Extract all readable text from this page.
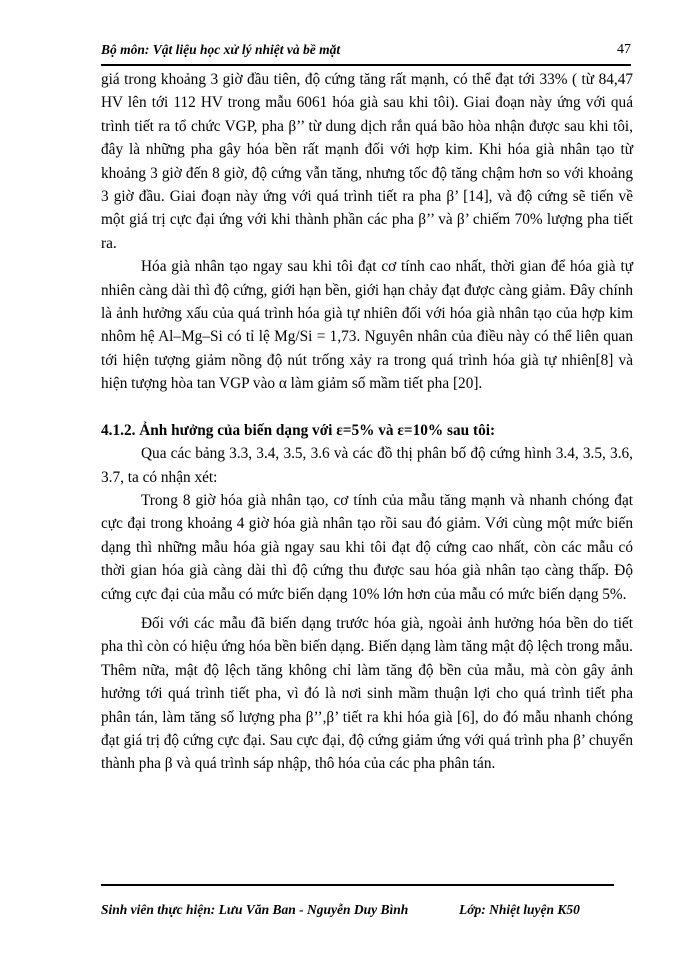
Bộ môn: Vật liệu học xử lý nhiệt và bề mặt	47

giá trong khoảng 3 giờ đầu tiên, độ cứng tăng rất mạnh, có thể đạt tới 33% ( từ 84,47 HV lên tới 112 HV trong mẫu 6061 hóa già sau khi tôi). Giai đoạn này ứng với quá trình tiết ra tổ chức VGP, pha β’’ từ dung dịch rắn quá bão hòa nhận được sau khi tôi, đây là những pha gây hóa bền rất mạnh đối với hợp kim. Khi hóa già nhân tạo từ khoảng 3 giờ đến 8 giờ, độ cứng vẫn tăng, nhưng tốc độ tăng chậm hơn so với khoảng 3 giờ đầu. Giai đoạn này ứng với quá trình tiết ra pha β’ [14], và độ cứng sẽ tiến về một giá trị cực đại ứng với khi thành phần các pha β’’ và β’ chiếm 70% lượng pha tiết ra.

Hóa già nhân tạo ngay sau khi tôi đạt cơ tính cao nhất, thời gian để hóa già tự nhiên càng dài thì độ cứng, giới hạn bền, giới hạn chảy đạt được càng giảm. Đây chính là ảnh hưởng xấu của quá trình hóa già tự nhiên đối với hóa già nhân tạo của hợp kim nhôm hệ Al–Mg–Si có tỉ lệ Mg/Si = 1,73. Nguyên nhân của điều này có thể liên quan tới hiện tượng giảm nồng độ nút trống xảy ra trong quá trình hóa già tự nhiên[8] và hiện tượng hòa tan VGP vào α làm giảm số mầm tiết pha [20].

4.1.2. Ảnh hưởng của biến dạng với ε=5% và ε=10% sau tôi:

Qua các bảng 3.3, 3.4, 3.5, 3.6 và các đồ thị phân bố độ cứng hình 3.4, 3.5, 3.6, 3.7, ta có nhận xét:

Trong 8 giờ hóa già nhân tạo, cơ tính của mẫu tăng mạnh và nhanh chóng đạt cực đại trong khoảng 4 giờ hóa già nhân tạo rồi sau đó giảm. Với cùng một mức biến dạng thì những mẫu hóa già ngay sau khi tôi đạt độ cứng cao nhất, còn các mẫu có thời gian hóa già càng dài thì độ cứng thu được sau hóa già nhân tạo càng thấp. Độ cứng cực đại của mẫu có mức biến dạng 10% lớn hơn của mẫu có mức biến dạng 5%.

Đối với các mẫu đã biến dạng trước hóa già, ngoài ảnh hưởng hóa bền do tiết pha thì còn có hiệu ứng hóa bền biến dạng. Biến dạng làm tăng mật độ lệch trong mẫu. Thêm nữa, mật độ lệch tăng không chỉ làm tăng độ bền của mẫu, mà còn gây ảnh hưởng tới quá trình tiết pha, vì đó là nơi sinh mầm thuận lợi cho quá trình tiết pha phân tán, làm tăng số lượng pha β’’,β’ tiết ra khi hóa già [6], do đó mẫu nhanh chóng đạt giá trị độ cứng cực đại. Sau cực đại, độ cứng giảm ứng với quá trình pha β’ chuyển thành pha β và quá trình sáp nhập, thô hóa của các pha phân tán.

Sinh viên thực hiện: Lưu Văn Ban - Nguyễn Duy Bình	Lớp: Nhiệt luyện K50
